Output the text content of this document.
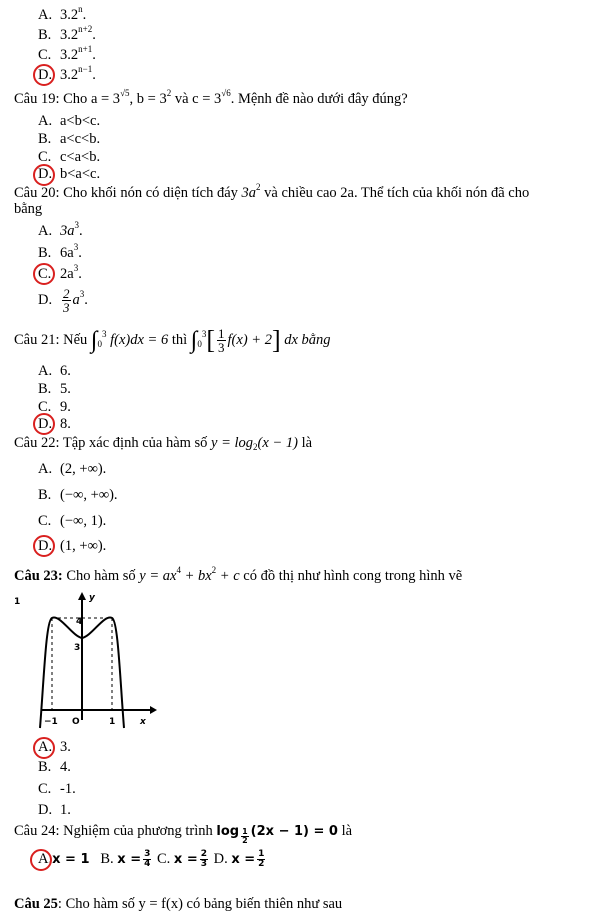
A. 3.2$^n$.
B. $3.2^{n+2}$.
C. $3.2^{n+1}$.
D. $3.2^{n-1}$.
Câu 19: Cho $a = 3^{√5}$, $b = 3^2$ và $c = 3^{√6}$. Mệnh đề nào dưới đây đúng?
A. a<b<c.
B. a<c<b.
C. c<a<b.
D. b<a<c.
Câu 20: Cho khối nón có diện tích đáy $3a^2$ và chiều cao 2a. Thể tích của khối nón đã cho
bằng
A. $3a^3$.
B. $6a^3$.
C. $2a^3$.
D. $\frac{2}{3} a^3$.
Câu 21: Nếu $\int_0^3$ f(x)dx = 6 thì $\int_0^3[ \frac{1}{3} f(x) + 2]$ dx bằng
A. 6.
B. 5.
C. 9.
D. 8.
Câu 22: Tập xác định của hàm số $y = \log_2(x - 1)$ là
A. (2, +∞).
B. (−∞, +∞).
C. (−∞, 1).
D. (1, +∞).
Câu 23: Cho hàm số $y = ax^4 + bx^2 + c$ có đồ thị như hình cong trong hình vẽ
1	y
x
4
3
−1 O	1
A. 3.
B. 4.
C. -1.
D. 1.
Câu 24: Nghiệm của phương trình $\log \frac{1}{2} (2x - 1) = 0$ là
A.x = 1 B. $x = \frac{3}{4} C$. $x = \frac{2}{3} D$. $x = \frac{1}{2}$
Câu 25: Cho hàm số y = f(x) có bảng biến thiên như sau
